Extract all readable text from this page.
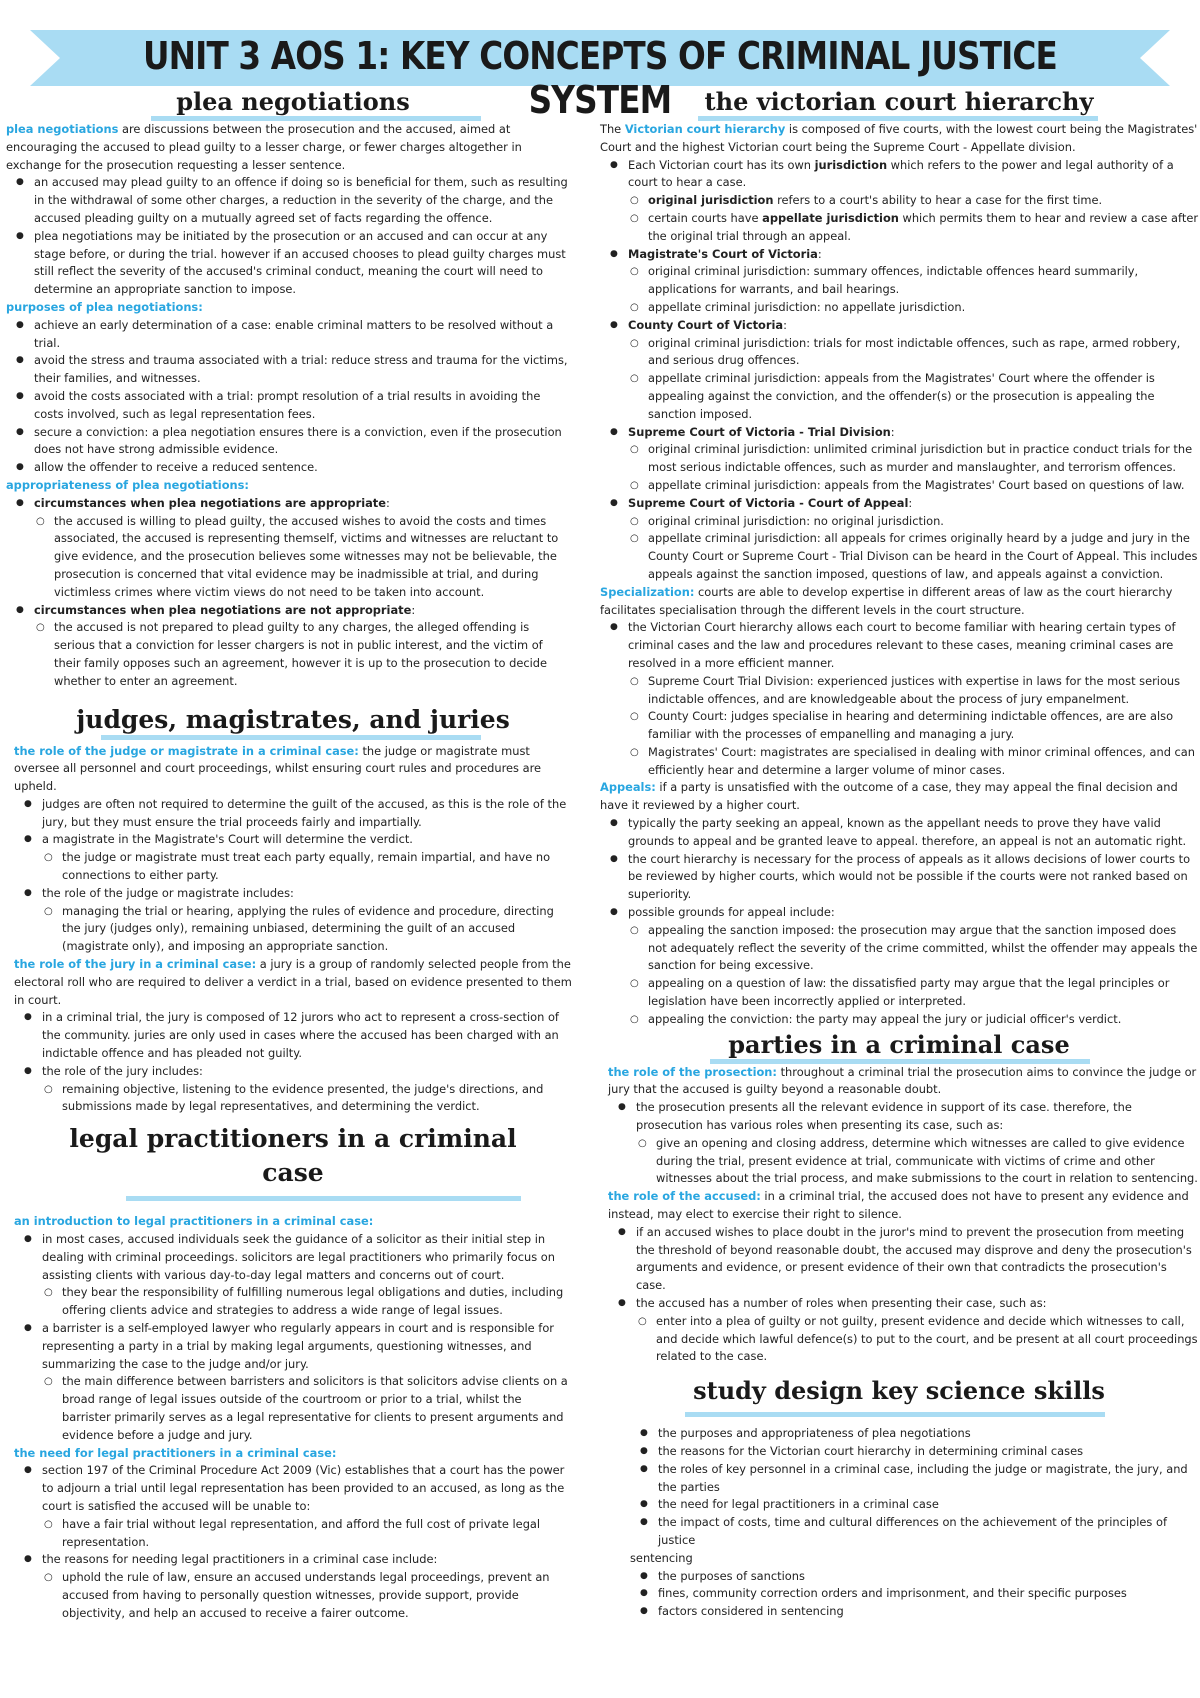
UNIT 3 AOS 1: KEY CONCEPTS OF CRIMINAL JUSTICE SYSTEM
plea negotiations

plea negotiations are discussions between the prosecution and the accused, aimed at encouraging the accused to plead guilty to a lesser charge, or fewer charges altogether in exchange for the prosecution requesting a lesser sentence.

● an accused may plead guilty to an offence if doing so is beneficial for them, such as resulting in the withdrawal of some other charges, a reduction in the severity of the charge, and the accused pleading guilty on a mutually agreed set of facts regarding the offence.
● plea negotiations may be initiated by the prosecution or an accused and can occur at any stage before, or during the trial. however if an accused chooses to plead guilty charges must still reflect the severity of the accused's criminal conduct, meaning the court will need to determine an appropriate sanction to impose.

purposes of plea negotiations:

● achieve an early determination of a case: enable criminal matters to be resolved without a trial.
● avoid the stress and trauma associated with a trial: reduce stress and trauma for the victims, their families, and witnesses.
● avoid the costs associated with a trial: prompt resolution of a trial results in avoiding the costs involved, such as legal representation fees.
● secure a conviction: a plea negotiation ensures there is a conviction, even if the prosecution does not have strong admissible evidence.
● allow the offender to receive a reduced sentence.

appropriateness of plea negotiations:

● circumstances when plea negotiations are appropriate:
○ the accused is willing to plead guilty, the accused wishes to avoid the costs and times associated, the accused is representing themself, victims and witnesses are reluctant to give evidence, and the prosecution believes some witnesses may not be believable, the prosecution is concerned that vital evidence may be inadmissible at trial, and during victimless crimes where victim views do not need to be taken into account.
● circumstances when plea negotiations are not appropriate:
○ the accused is not prepared to plead guilty to any charges, the alleged offending is serious that a conviction for lesser chargers is not in public interest, and the victim of their family opposes such an agreement, however it is up to the prosecution to decide whether to enter an agreement.
judges, magistrates, and juries

the role of the judge or magistrate in a criminal case: the judge or magistrate must oversee all personnel and court proceedings, whilst ensuring court rules and procedures are upheld.

● judges are often not required to determine the guilt of the accused, as this is the role of the jury, but they must ensure the trial proceeds fairly and impartially.
● a magistrate in the Magistrate's Court will determine the verdict.
○ the judge or magistrate must treat each party equally, remain impartial, and have no connections to either party.
● the role of the judge or magistrate includes:
○ managing the trial or hearing, applying the rules of evidence and procedure, directing the jury (judges only), remaining unbiased, determining the guilt of an accused (magistrate only), and imposing an appropriate sanction.

the role of the jury in a criminal case: a jury is a group of randomly selected people from the electoral roll who are required to deliver a verdict in a trial, based on evidence presented to them in court.

● in a criminal trial, the jury is composed of 12 jurors who act to represent a cross-section of the community. juries are only used in cases where the accused has been charged with an indictable offence and has pleaded not guilty.
● the role of the jury includes:
○ remaining objective, listening to the evidence presented, the judge's directions, and submissions made by legal representatives, and determining the verdict.
legal practitioners in a criminal
case

an introduction to legal practitioners in a criminal case:

● in most cases, accused individuals seek the guidance of a solicitor as their initial step in dealing with criminal proceedings. solicitors are legal practitioners who primarily focus on assisting clients with various day-to-day legal matters and concerns out of court.
○ they bear the responsibility of fulfilling numerous legal obligations and duties, including offering clients advice and strategies to address a wide range of legal issues.
● a barrister is a self-employed lawyer who regularly appears in court and is responsible for representing a party in a trial by making legal arguments, questioning witnesses, and summarizing the case to the judge and/or jury.
○ the main difference between barristers and solicitors is that solicitors advise clients on a broad range of legal issues outside of the courtroom or prior to a trial, whilst the barrister primarily serves as a legal representative for clients to present arguments and evidence before a judge and jury.

the need for legal practitioners in a criminal case:

● section 197 of the Criminal Procedure Act 2009 (Vic) establishes that a court has the power to adjourn a trial until legal representation has been provided to an accused, as long as the court is satisfied the accused will be unable to:
○ have a fair trial without legal representation, and afford the full cost of private legal representation.
● the reasons for needing legal practitioners in a criminal case include:
○ uphold the rule of law, ensure an accused understands legal proceedings, prevent an accused from having to personally question witnesses, provide support, provide objectivity, and help an accused to receive a fairer outcome.
the victorian court hierarchy

The Victorian court hierarchy is composed of five courts, with the lowest court being the Magistrates' Court and the highest Victorian court being the Supreme Court - Appellate division.

● Each Victorian court has its own jurisdiction which refers to the power and legal authority of a court to hear a case.
○ original jurisdiction refers to a court's ability to hear a case for the first time.
○ certain courts have appellate jurisdiction which permits them to hear and review a case after the original trial through an appeal.
● Magistrate's Court of Victoria:
○ original criminal jurisdiction: summary offences, indictable offences heard summarily, applications for warrants, and bail hearings.
○ appellate criminal jurisdiction: no appellate jurisdiction.
● County Court of Victoria:
○ original criminal jurisdiction: trials for most indictable offences, such as rape, armed robbery, and serious drug offences.
○ appellate criminal jurisdiction: appeals from the Magistrates' Court where the offender is appealing against the conviction, and the offender(s) or the prosecution is appealing the sanction imposed.
● Supreme Court of Victoria - Trial Division:
○ original criminal jurisdiction: unlimited criminal jurisdiction but in practice conduct trials for the most serious indictable offences, such as murder and manslaughter, and terrorism offences.
○ appellate criminal jurisdiction: appeals from the Magistrates' Court based on questions of law.
● Supreme Court of Victoria - Court of Appeal:
○ original criminal jurisdiction: no original jurisdiction.
○ appellate criminal jurisdiction: all appeals for crimes originally heard by a judge and jury in the County Court or Supreme Court - Trial Divison can be heard in the Court of Appeal. This includes appeals against the sanction imposed, questions of law, and appeals against a conviction.

Specialization: courts are able to develop expertise in different areas of law as the court hierarchy facilitates specialisation through the different levels in the court structure.

● the Victorian Court hierarchy allows each court to become familiar with hearing certain types of criminal cases and the law and procedures relevant to these cases, meaning criminal cases are resolved in a more efficient manner.
○ Supreme Court Trial Division: experienced justices with expertise in laws for the most serious indictable offences, and are knowledgeable about the process of jury empanelment.
○ County Court: judges specialise in hearing and determining indictable offences, are are also familiar with the processes of empanelling and managing a jury.
○ Magistrates' Court: magistrates are specialised in dealing with minor criminal offences, and can efficiently hear and determine a larger volume of minor cases.

Appeals: if a party is unsatisfied with the outcome of a case, they may appeal the final decision and have it reviewed by a higher court.

● typically the party seeking an appeal, known as the appellant needs to prove they have valid grounds to appeal and be granted leave to appeal. therefore, an appeal is not an automatic right.
● the court hierarchy is necessary for the process of appeals as it allows decisions of lower courts to be reviewed by higher courts, which would not be possible if the courts were not ranked based on superiority.
● possible grounds for appeal include:
○ appealing the sanction imposed: the prosecution may argue that the sanction imposed does not adequately reflect the severity of the crime committed, whilst the offender may appeals the sanction for being excessive.
○ appealing on a question of law: the dissatisfied party may argue that the legal principles or legislation have been incorrectly applied or interpreted.
○ appealing the conviction: the party may appeal the jury or judicial officer's verdict.
parties in a criminal case

the role of the prosection: throughout a criminal trial the prosecution aims to convince the judge or jury that the accused is guilty beyond a reasonable doubt.

● the prosecution presents all the relevant evidence in support of its case. therefore, the prosecution has various roles when presenting its case, such as:
○ give an opening and closing address, determine which witnesses are called to give evidence during the trial, present evidence at trial, communicate with victims of crime and other witnesses about the trial process, and make submissions to the court in relation to sentencing.

the role of the accused: in a criminal trial, the accused does not have to present any evidence and instead, may elect to exercise their right to silence.

● if an accused wishes to place doubt in the juror's mind to prevent the prosecution from meeting the threshold of beyond reasonable doubt, the accused may disprove and deny the prosecution's arguments and evidence, or present evidence of their own that contradicts the prosecution's case.
● the accused has a number of roles when presenting their case, such as:
○ enter into a plea of guilty or not guilty, present evidence and decide which witnesses to call, and decide which lawful defence(s) to put to the court, and be present at all court proceedings related to the case.
study design key science skills
● the purposes and appropriateness of plea negotiations
● the reasons for the Victorian court hierarchy in determining criminal cases
● the roles of key personnel in a criminal case, including the judge or magistrate, the jury, and the parties
● the need for legal practitioners in a criminal case
● the impact of costs, time and cultural differences on the achievement of the principles of justice

sentencing

● the purposes of sanctions
● fines, community correction orders and imprisonment, and their specific purposes
● factors considered in sentencing
